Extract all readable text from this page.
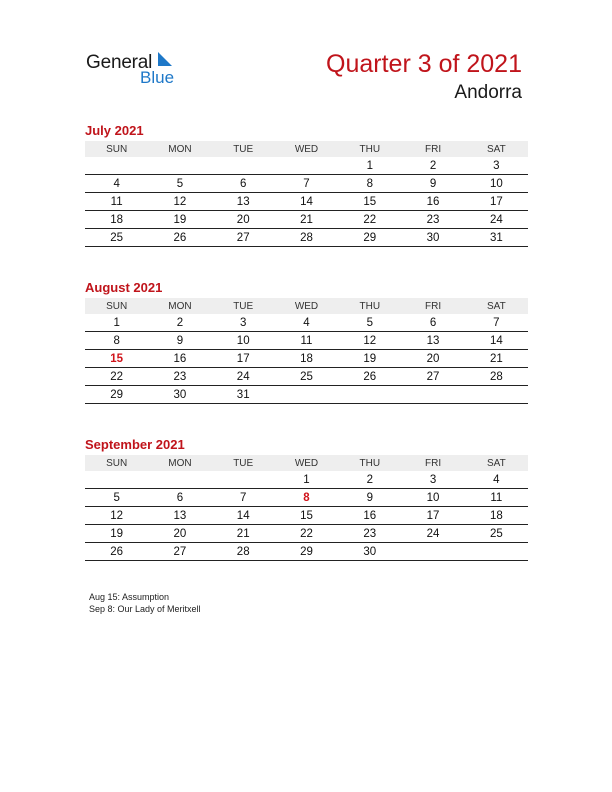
General
Blue	Quarter 3 of 2021
Andorra
July 2021
SUN	MON	TUE	WED	THU	FRI	SAT
				1	2	3
4	5	6	7	8	9	10
11	12	13	14	15	16	17
18	19	20	21	22	23	24
25	26	27	28	29	30	31
August 2021
SUN	MON	TUE	WED	THU	FRI	SAT
1	2	3	4	5	6	7
8	9	10	11	12	13	14
15	16	17	18	19	20	21
22	23	24	25	26	27	28
29	30	31				
September 2021
SUN	MON	TUE	WED	THU	FRI	SAT
			1	2	3	4
5	6	7	8	9	10	11
12	13	14	15	16	17	18
19	20	21	22	23	24	25
26	27	28	29	30		
Aug 15: Assumption
Sep 8: Our Lady of Meritxell
